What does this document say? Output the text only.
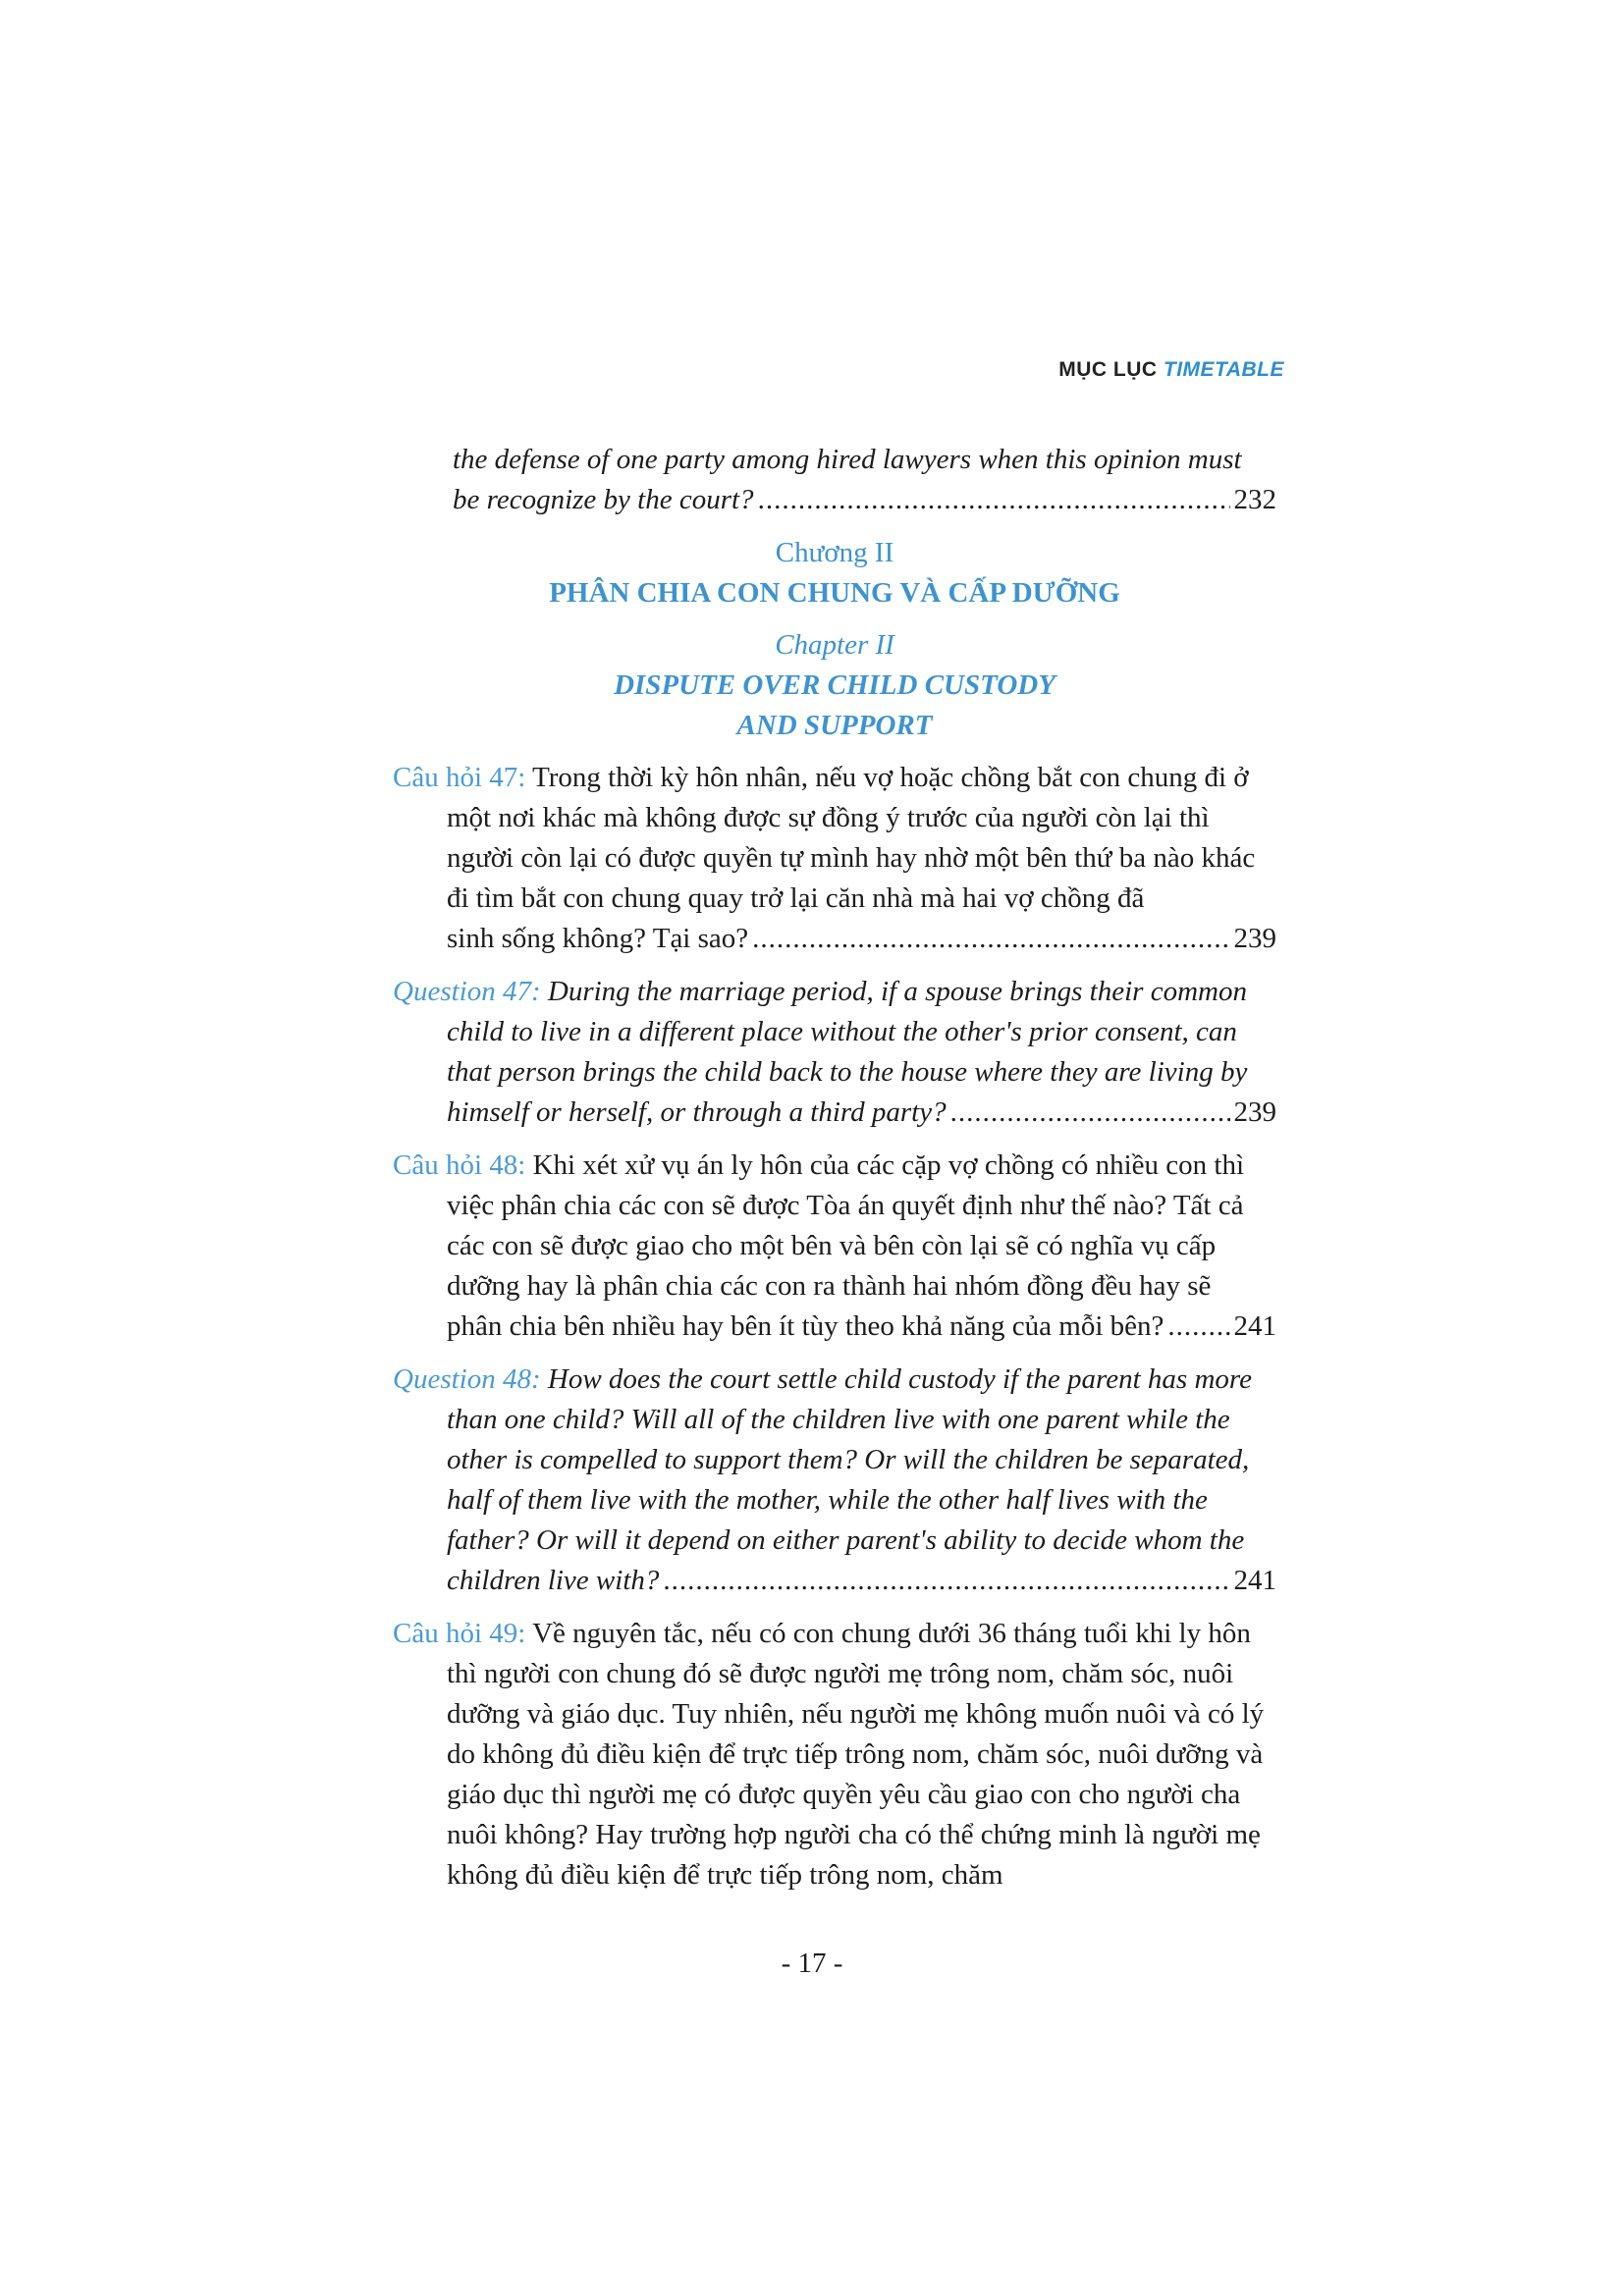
MỤC LỤC TIMETABLE
the defense of one party among hired lawyers when this opinion must
be recognize by the court? .....	232
Chương II
PHÂN CHIA CON CHUNG VÀ CẤP DƯỠNG
Chapter II
DISPUTE OVER CHILD CUSTODY
AND SUPPORT
Câu hỏi 47: Trong thời kỳ hôn nhân, nếu vợ hoặc chồng bắt con chung đi ở một nơi khác mà không được sự đồng ý trước của người còn lại thì người còn lại có được quyền tự mình hay nhờ một bên thứ ba nào khác đi tìm bắt con chung quay trở lại căn nhà mà hai vợ chồng đã
sinh sống không? Tại sao? .....	239
Question 47: During the marriage period, if a spouse brings their common child to live in a different place without the other's prior consent, can that person brings the child back to the house where they are living by
himself or herself, or through a third party? .....	239
Câu hỏi 48: Khi xét xử vụ án ly hôn của các cặp vợ chồng có nhiều con thì việc phân chia các con sẽ được Tòa án quyết định như thế nào? Tất cả các con sẽ được giao cho một bên và bên còn lại sẽ có nghĩa vụ cấp dưỡng hay là phân chia các con ra thành hai nhóm đồng đều hay sẽ
phân chia bên nhiều hay bên ít tùy theo khả năng của mỗi bên? ..... 241
Question 48: How does the court settle child custody if the parent has more than one child? Will all of the children live with one parent while the other is compelled to support them? Or will the children be separated, half of them live with the mother, while the other half lives with the father? Or will it depend on either parent's ability to decide whom the
children live with? .....	241
Câu hỏi 49: Về nguyên tắc, nếu có con chung dưới 36 tháng tuổi khi ly hôn thì người con chung đó sẽ được người mẹ trông nom, chăm sóc, nuôi dưỡng và giáo dục. Tuy nhiên, nếu người mẹ không muốn nuôi và có lý do không đủ điều kiện để trực tiếp trông nom, chăm sóc, nuôi dưỡng và giáo dục thì người mẹ có được quyền yêu cầu giao con cho người cha nuôi không? Hay trường hợp người cha có thể chứng minh là người mẹ không đủ điều kiện để trực tiếp trông nom, chăm
- 17 -
